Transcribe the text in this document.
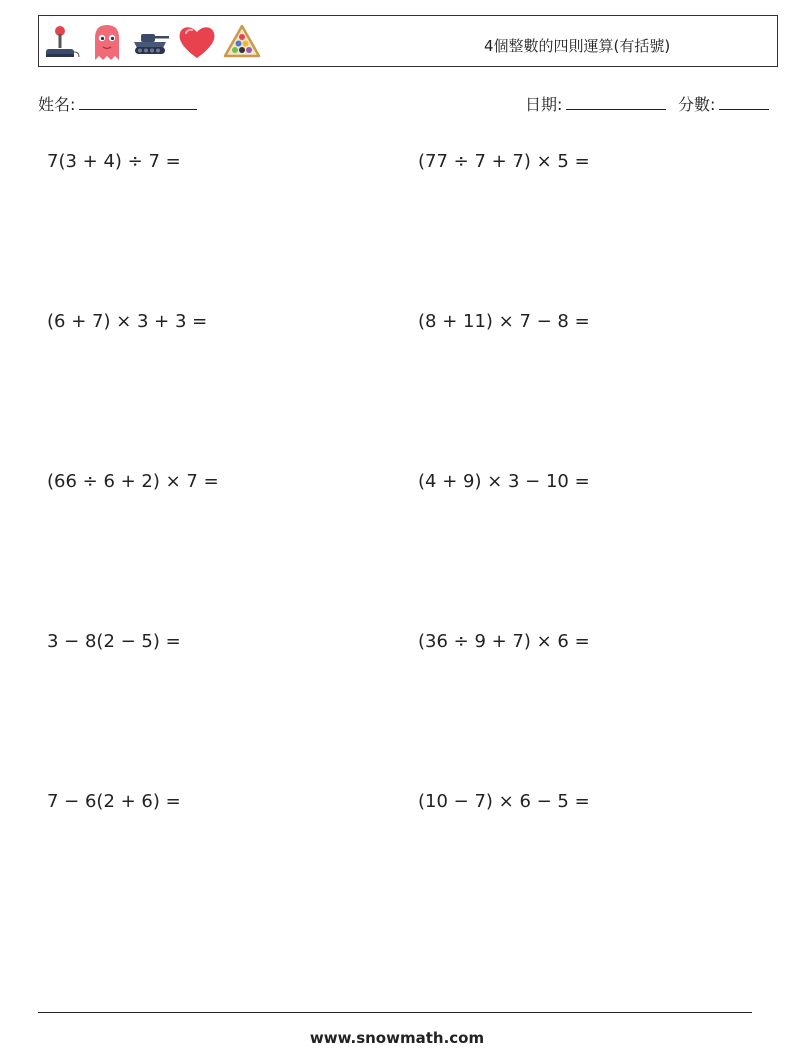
4個整數的四則運算(有括號)
姓名:	日期:	分數:
7(3 + 4) ÷ 7 =	(77 ÷ 7 + 7) × 5 =
(6 + 7) × 3 + 3 =	(8 + 11) × 7 − 8 =
(66 ÷ 6 + 2) × 7 =	(4 + 9) × 3 − 10 =
3 − 8(2 − 5) =	(36 ÷ 9 + 7) × 6 =
7 − 6(2 + 6) =	(10 − 7) × 6 − 5 =
www.snowmath.com
